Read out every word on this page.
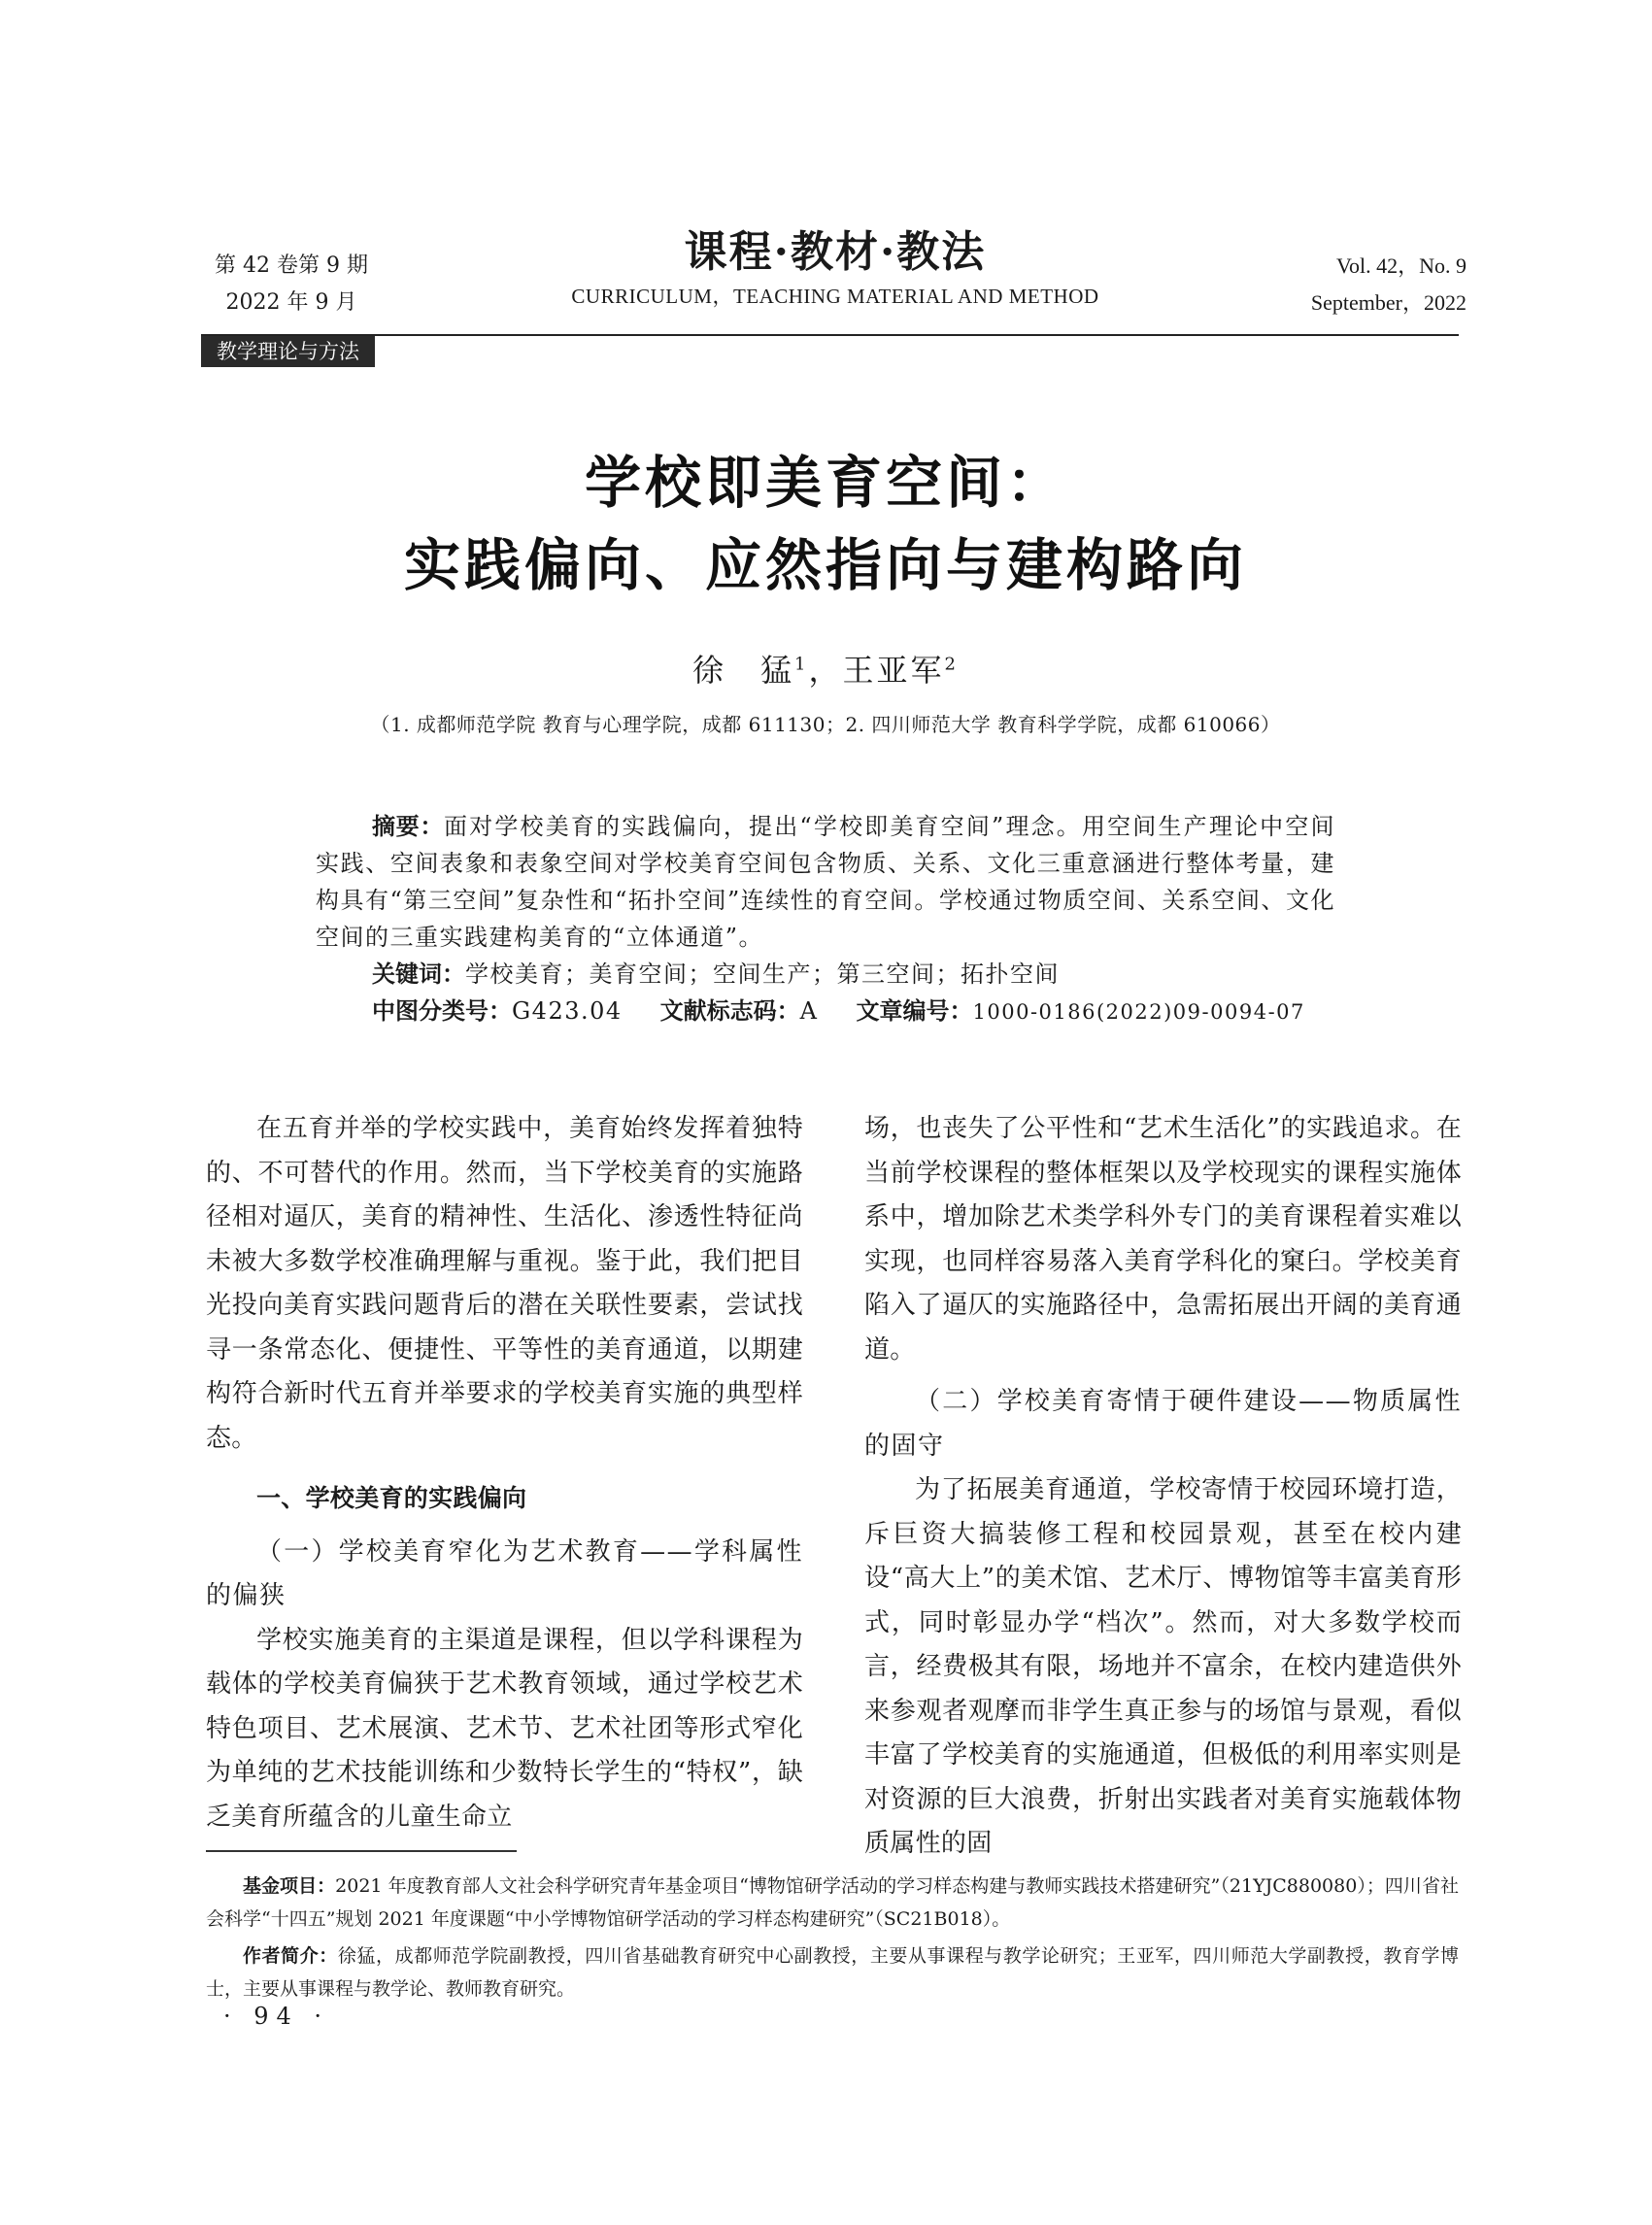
第 42 卷第 9 期
2022 年 9 月
课程·教材·教法
CURRICULUM，TEACHING MATERIAL AND METHOD
Vol. 42，No. 9
September，2022
教学理论与方法
学校即美育空间：
实践偏向、应然指向与建构路向
徐　猛$^1$，王亚军$^2$
（1. 成都师范学院 教育与心理学院，成都 611130；2. 四川师范大学 教育科学学院，成都 610066）

摘要：面对学校美育的实践偏向，提出“学校即美育空间”理念。用空间生产理论中空间实践、空间表象和表象空间对学校美育空间包含物质、关系、文化三重意涵进行整体考量，建构具有“第三空间”复杂性和“拓扑空间”连续性的育空间。学校通过物质空间、关系空间、文化空间的三重实践建构美育的“立体通道”。

关键词：学校美育；美育空间；空间生产；第三空间；拓扑空间

中图分类号：G423.04   文献标志码：A   文章编号：1000-0186(2022)09-0094-07

在五育并举的学校实践中，美育始终发挥着独特的、不可替代的作用。然而，当下学校美育的实施路径相对逼仄，美育的精神性、生活化、渗透性特征尚未被大多数学校准确理解与重视。鉴于此，我们把目光投向美育实践问题背后的潜在关联性要素，尝试找寻一条常态化、便捷性、平等性的美育通道，以期建构符合新时代五育并举要求的学校美育实施的典型样态。

一、学校美育的实践偏向

（一）学校美育窄化为艺术教育——学科属性的偏狭

学校实施美育的主渠道是课程，但以学科课程为载体的学校美育偏狭于艺术教育领域，通过学校艺术特色项目、艺术展演、艺术节、艺术社团等形式窄化为单纯的艺术技能训练和少数特长学生的“特权”，缺乏美育所蕴含的儿童生命立

场，也丧失了公平性和“艺术生活化”的实践追求。在当前学校课程的整体框架以及学校现实的课程实施体系中，增加除艺术类学科外专门的美育课程着实难以实现，也同样容易落入美育学科化的窠臼。学校美育陷入了逼仄的实施路径中，急需拓展出开阔的美育通道。

（二）学校美育寄情于硬件建设——物质属性的固守

为了拓展美育通道，学校寄情于校园环境打造，斥巨资大搞装修工程和校园景观，甚至在校内建设“高大上”的美术馆、艺术厅、博物馆等丰富美育形式，同时彰显办学“档次”。然而，对大多数学校而言，经费极其有限，场地并不富余，在校内建造供外来参观者观摩而非学生真正参与的场馆与景观，看似丰富了学校美育的实施通道，但极低的利用率实则是对资源的巨大浪费，折射出实践者对美育实施载体物质属性的固

基金项目：2021 年度教育部人文社会科学研究青年基金项目“博物馆研学活动的学习样态构建与教师实践技术搭建研究”（21YJC880080）；四川省社会科学“十四五”规划 2021 年度课题“中小学博物馆研学活动的学习样态构建研究”（SC21B018）。

作者简介：徐猛，成都师范学院副教授，四川省基础教育研究中心副教授，主要从事课程与教学论研究；王亚军，四川师范大学副教授，教育学博士，主要从事课程与教学论、教师教育研究。

· 94 ·
